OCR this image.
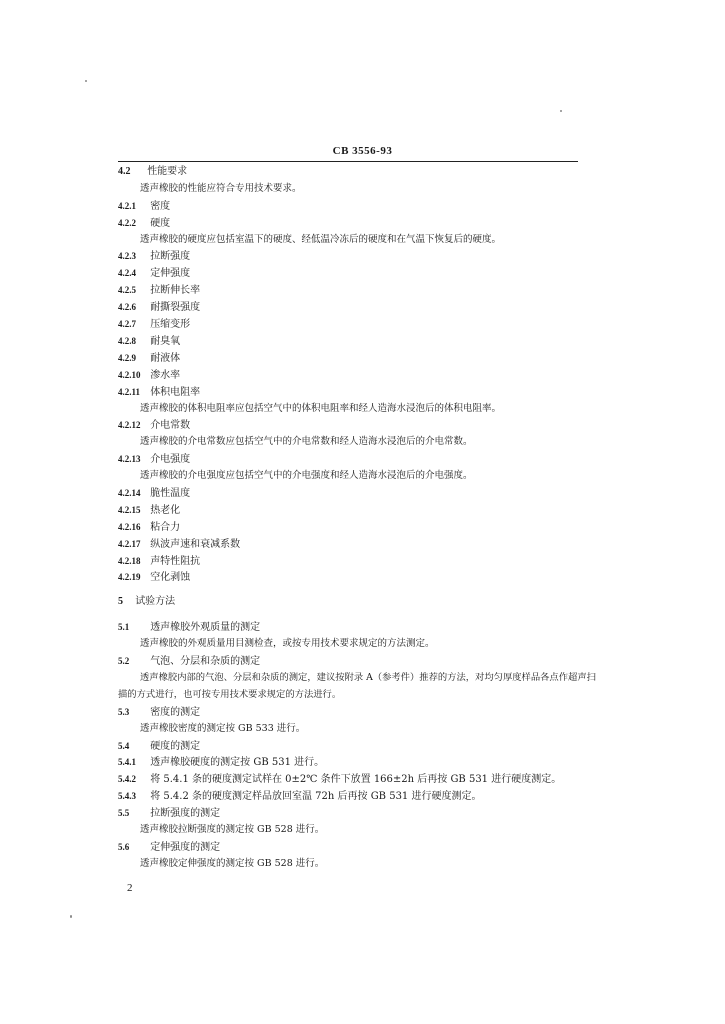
CB 3556-93
4.2 性能要求
透声橡胶的性能应符合专用技术要求。
4.2.1 密度
4.2.2 硬度
透声橡胶的硬度应包括室温下的硬度、经低温冷冻后的硬度和在气温下恢复后的硬度。
4.2.3 拉断强度
4.2.4 定伸强度
4.2.5 拉断伸长率
4.2.6 耐撕裂强度
4.2.7 压缩变形
4.2.8 耐臭氧
4.2.9 耐液体
4.2.10 渗水率
4.2.11 体积电阻率
透声橡胶的体积电阻率应包括空气中的体积电阻率和经人造海水浸泡后的体积电阻率。
4.2.12 介电常数
透声橡胶的介电常数应包括空气中的介电常数和经人造海水浸泡后的介电常数。
4.2.13 介电强度
透声橡胶的介电强度应包括空气中的介电强度和经人造海水浸泡后的介电强度。
4.2.14 脆性温度
4.2.15 热老化
4.2.16 粘合力
4.2.17 纵波声速和衰减系数
4.2.18 声特性阻抗
4.2.19 空化剥蚀
5 试验方法
5.1 透声橡胶外观质量的测定
透声橡胶的外观质量用目测检查，或按专用技术要求规定的方法测定。
5.2 气泡、分层和杂质的测定
透声橡胶内部的气泡、分层和杂质的测定，建议按附录 A（参考件）推荐的方法，对均匀厚度样品各点作超声扫描的方式进行，也可按专用技术要求规定的方法进行。
5.3 密度的测定
透声橡胶密度的测定按 GB 533 进行。
5.4 硬度的测定
5.4.1 透声橡胶硬度的测定按 GB 531 进行。
5.4.2 将 5.4.1 条的硬度测定试样在 0±2℃ 条件下放置 166±2h 后再按 GB 531 进行硬度测定。
5.4.3 将 5.4.2 条的硬度测定样品放回室温 72h 后再按 GB 531 进行硬度测定。
5.5 拉断强度的测定
透声橡胶拉断强度的测定按 GB 528 进行。
5.6 定伸强度的测定
透声橡胶定伸强度的测定按 GB 528 进行。
2
